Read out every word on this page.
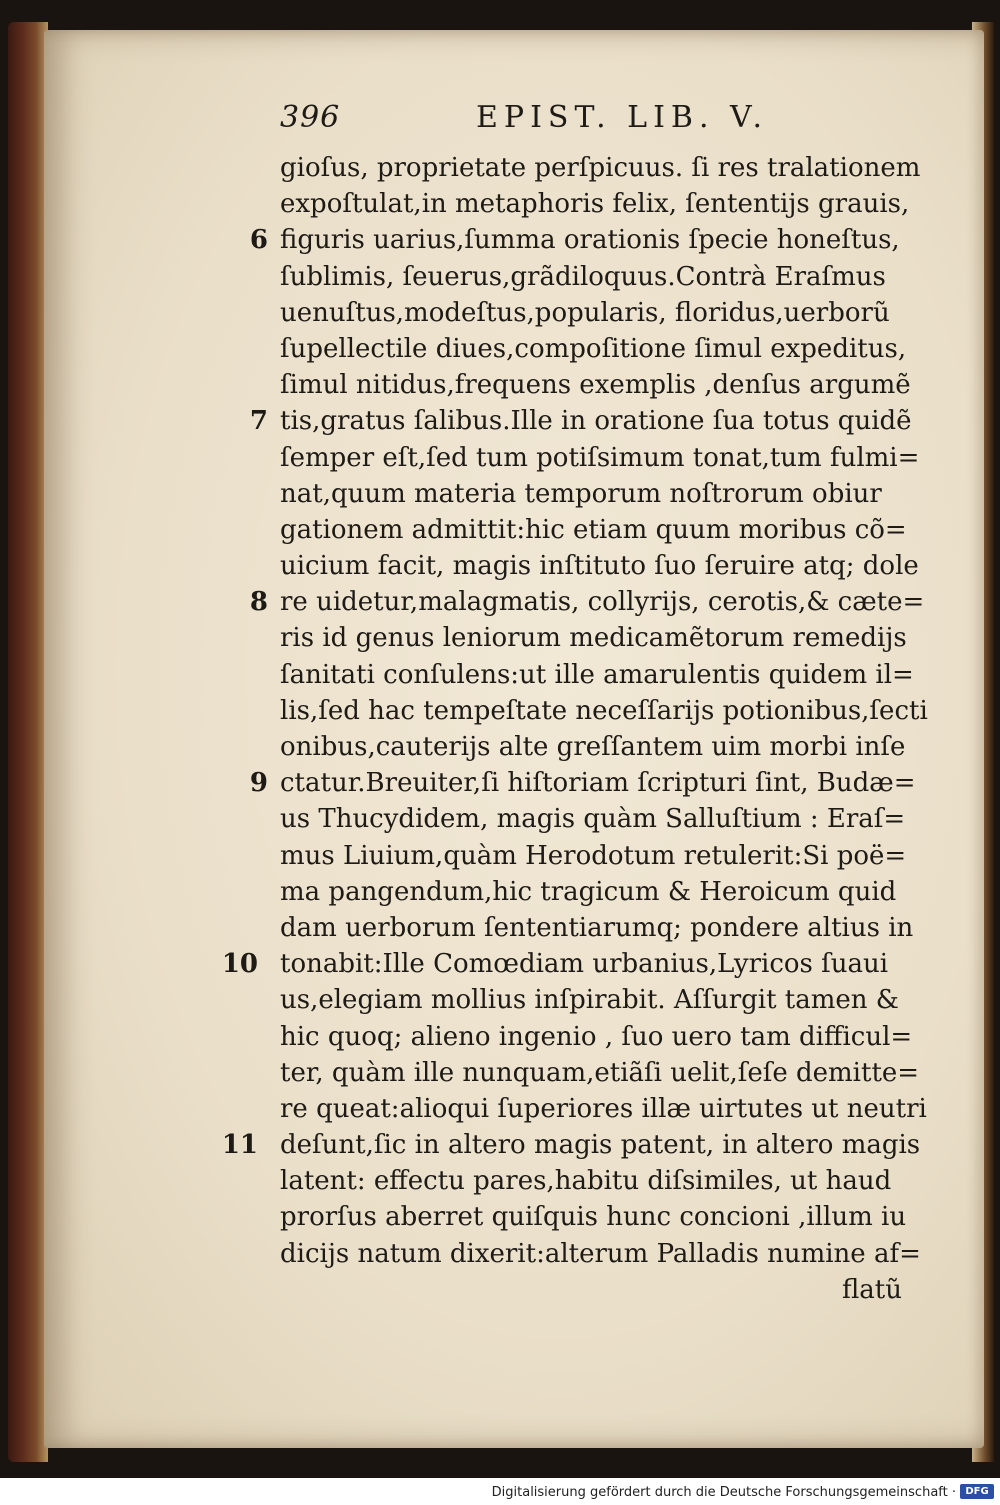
396	EPIST. LIB. V.
gioſus, proprietate perſpicuus. ſi res tralationem
expoſtulat,in metaphoris felix, ſententijs grauis,
figuris uarius,ſumma orationis ſpecie honeſtus,
ſublimis, ſeuerus,grãdiloquus.Contrà Eraſmus
uenuſtus,modeſtus,popularis, floridus,uerborũ
ſupellectile diues,compoſitione ſimul expeditus,
ſimul nitidus,frequens exemplis ,denſus argumẽ
tis,gratus ſalibus.Ille in oratione ſua totus quidẽ
ſemper eſt,ſed tum potiſsimum tonat,tum fulmi=
nat,quum materia temporum noſtrorum obiur
gationem admittit:hic etiam quum moribus cõ=
uicium facit, magis inſtituto ſuo ſeruire atq; dole
re uidetur,malagmatis, collyrijs, cerotis,& cæte=
ris id genus leniorum medicamẽtorum remedijs
ſanitati conſulens:ut ille amarulentis quidem il=
lis,ſed hac tempeſtate neceſſarijs potionibus,ſecti
onibus,cauterijs alte greſſantem uim morbi inſe
ctatur.Breuiter,ſi hiſtoriam ſcripturi ſint, Budæ=
us Thucydidem, magis quàm Salluſtium : Eraſ=
mus Liuium,quàm Herodotum retulerit:Si poë=
ma pangendum,hic tragicum & Heroicum quid
dam uerborum ſententiarumq; pondere altius in
tonabit:Ille Comœdiam urbanius,Lyricos ſuaui
us,elegiam mollius inſpirabit. Aſſurgit tamen &
hic quoq; alieno ingenio , ſuo uero tam difficul=
ter, quàm ille nunquam,etiãſi uelit,ſeſe demitte=
re queat:alioqui ſuperiores illæ uirtutes ut neutri
deſunt,ſic in altero magis patent, in altero magis
latent: effectu pares,habitu diſsimiles, ut haud
prorſus aberret quiſquis hunc concioni ,illum iu
dicijs natum dixerit:alterum Palladis numine af=
flatũ
6
7
8
9
10
11
Digitalisierung gefördert durch die Deutsche Forschungsgemeinschaft · DFG
